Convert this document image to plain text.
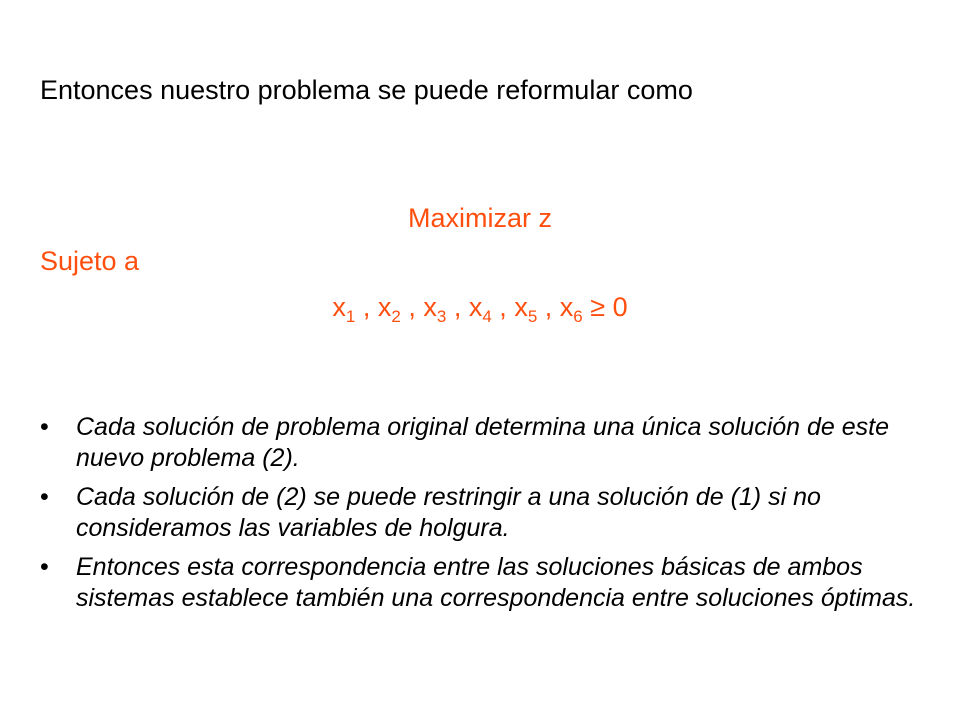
Entonces nuestro problema se puede reformular como
Maximizar z
Sujeto a
$x_1$ , $x_2$ , $x_3$ , $x_4$ , $x_5$ , $x_6 \ge 0$
• Cada solución de problema original determina una única solución de este nuevo problema (2).
• Cada solución de (2) se puede restringir a una solución de (1) si no consideramos las variables de holgura.
• Entonces esta correspondencia entre las soluciones básicas de ambos sistemas establece también una correspondencia entre soluciones óptimas.
